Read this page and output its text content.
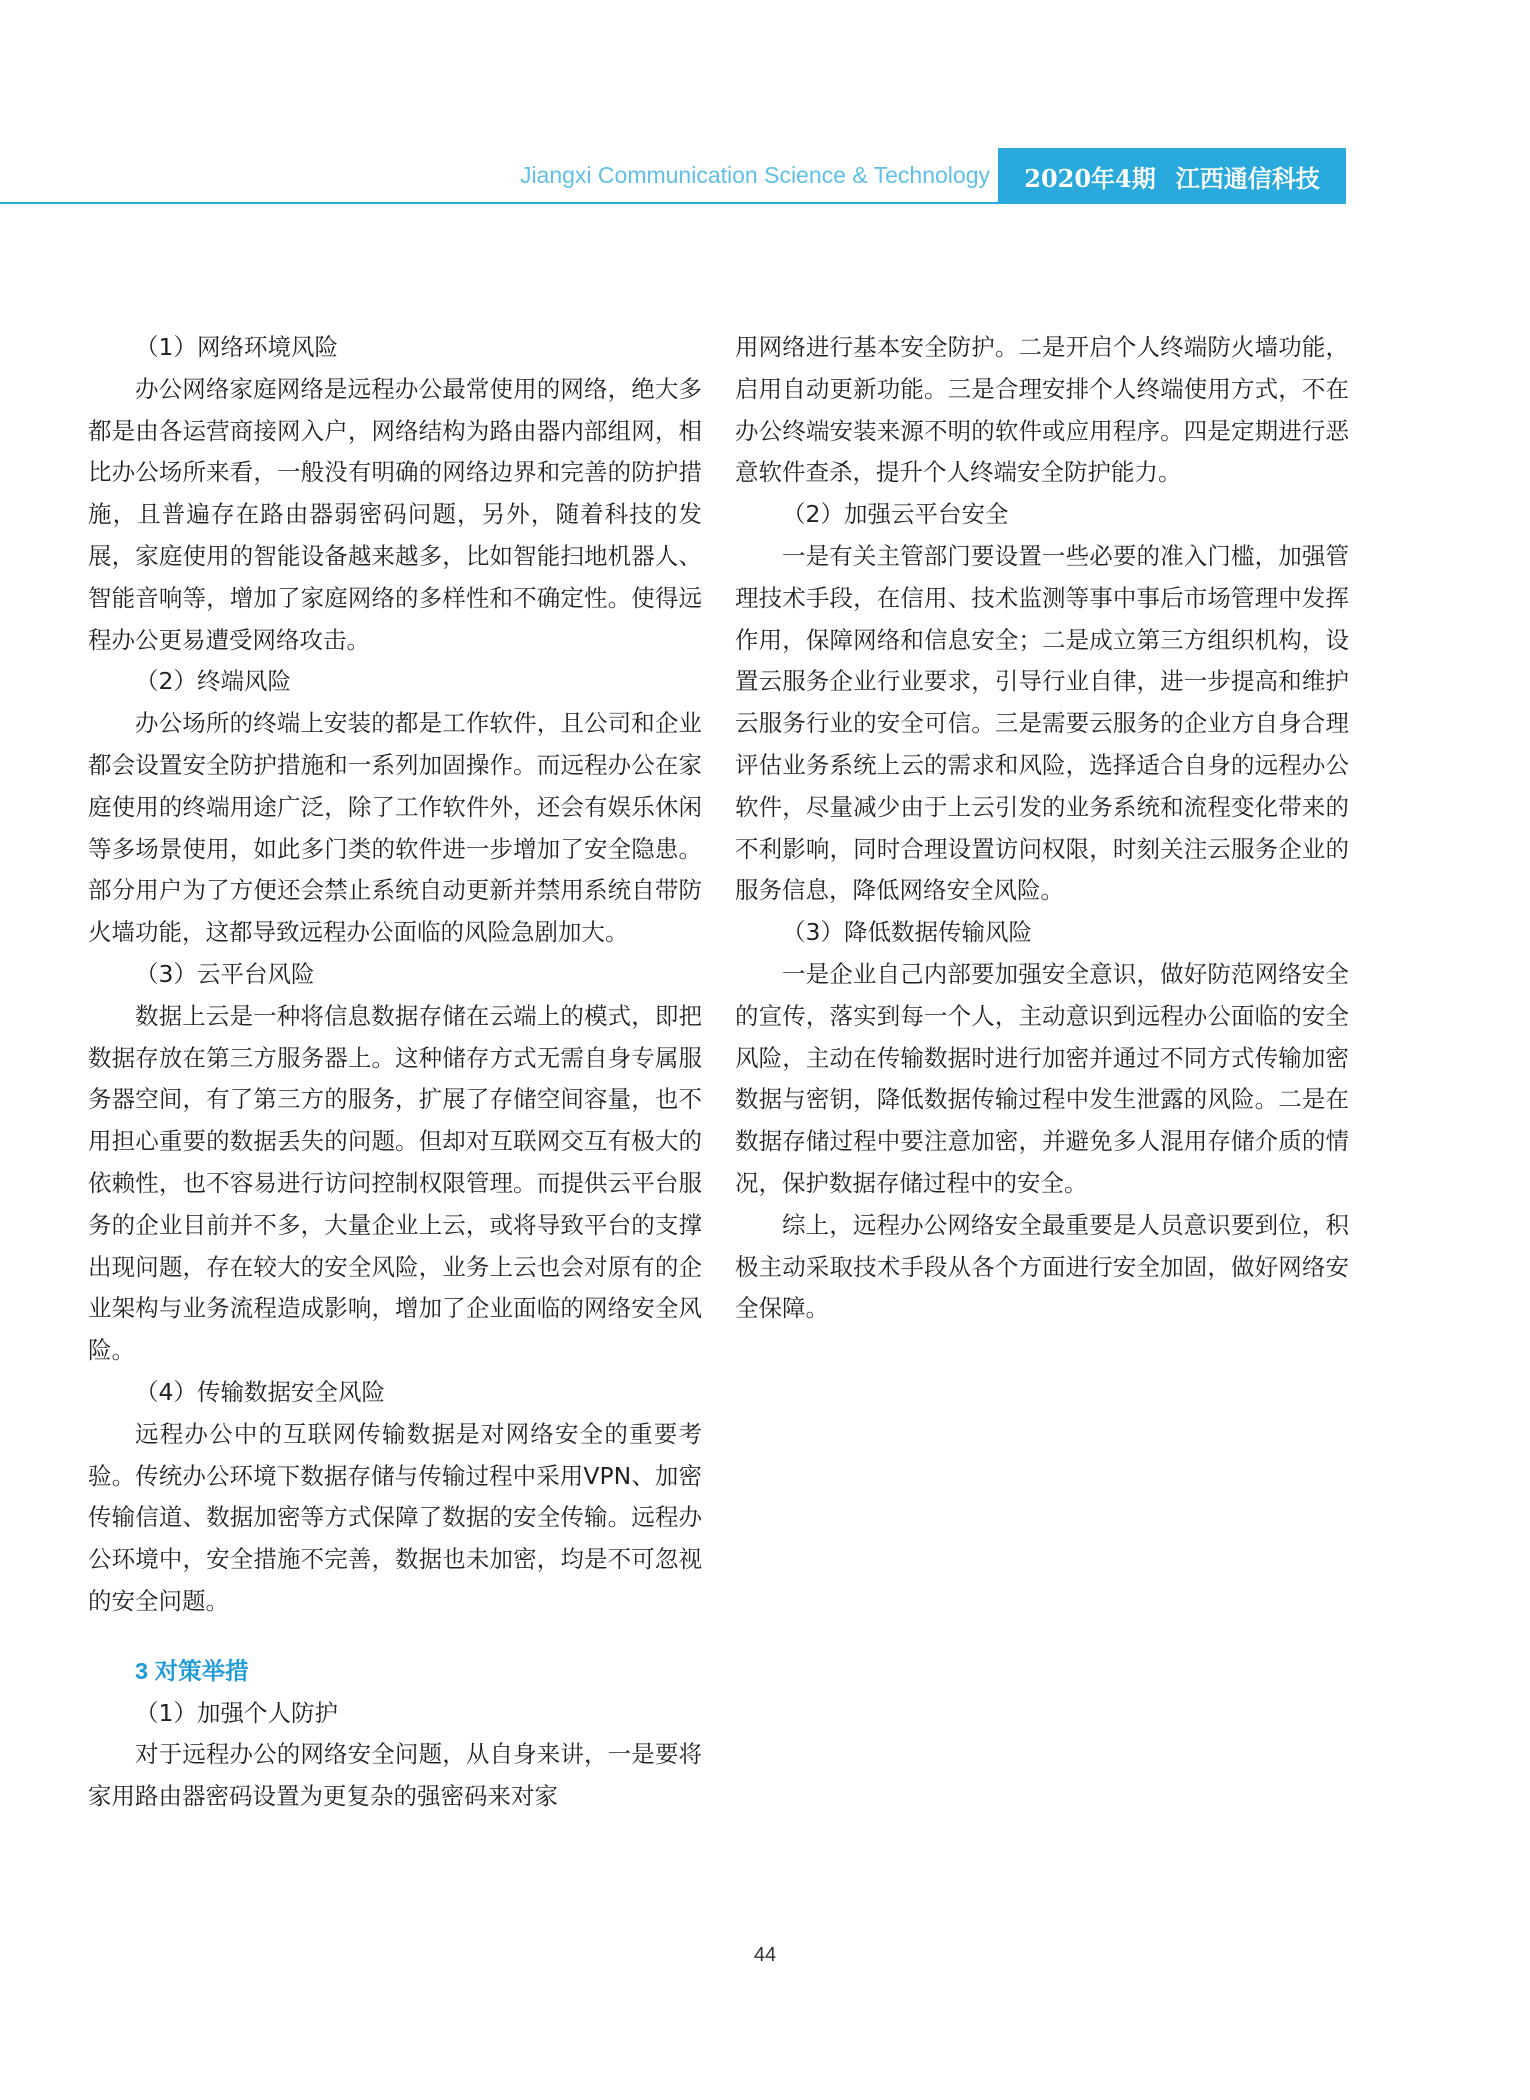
Jiangxi Communication Science & Technology 2020年4期 江西通信科技

（1）网络环境风险

办公网络家庭网络是远程办公最常使用的网络，绝大多都是由各运营商接网入户，网络结构为路由器内部组网，相比办公场所来看，一般没有明确的网络边界和完善的防护措施，且普遍存在路由器弱密码问题，另外，随着科技的发展，家庭使用的智能设备越来越多，比如智能扫地机器人、智能音响等，增加了家庭网络的多样性和不确定性。使得远程办公更易遭受网络攻击。

（2）终端风险

办公场所的终端上安装的都是工作软件，且公司和企业都会设置安全防护措施和一系列加固操作。而远程办公在家庭使用的终端用途广泛，除了工作软件外，还会有娱乐休闲等多场景使用，如此多门类的软件进一步增加了安全隐患。部分用户为了方便还会禁止系统自动更新并禁用系统自带防火墙功能，这都导致远程办公面临的风险急剧加大。

（3）云平台风险

数据上云是一种将信息数据存储在云端上的模式，即把数据存放在第三方服务器上。这种储存方式无需自身专属服务器空间，有了第三方的服务，扩展了存储空间容量，也不用担心重要的数据丢失的问题。但却对互联网交互有极大的依赖性，也不容易进行访问控制权限管理。而提供云平台服务的企业目前并不多，大量企业上云，或将导致平台的支撑出现问题，存在较大的安全风险，业务上云也会对原有的企业架构与业务流程造成影响，增加了企业面临的网络安全风险。

（4）传输数据安全风险

远程办公中的互联网传输数据是对网络安全的重要考验。传统办公环境下数据存储与传输过程中采用VPN、加密传输信道、数据加密等方式保障了数据的安全传输。远程办公环境中，安全措施不完善，数据也未加密，均是不可忽视的安全问题。

3 对策举措

（1）加强个人防护

对于远程办公的网络安全问题，从自身来讲，一是要将家用路由器密码设置为更复杂的强密码来对家

用网络进行基本安全防护。二是开启个人终端防火墙功能，启用自动更新功能。三是合理安排个人终端使用方式，不在办公终端安装来源不明的软件或应用程序。四是定期进行恶意软件查杀，提升个人终端安全防护能力。

（2）加强云平台安全

一是有关主管部门要设置一些必要的准入门槛，加强管理技术手段，在信用、技术监测等事中事后市场管理中发挥作用，保障网络和信息安全；二是成立第三方组织机构，设置云服务企业行业要求，引导行业自律，进一步提高和维护云服务行业的安全可信。三是需要云服务的企业方自身合理评估业务系统上云的需求和风险，选择适合自身的远程办公软件，尽量减少由于上云引发的业务系统和流程变化带来的不利影响，同时合理设置访问权限，时刻关注云服务企业的服务信息，降低网络安全风险。

（3）降低数据传输风险

一是企业自己内部要加强安全意识，做好防范网络安全的宣传，落实到每一个人，主动意识到远程办公面临的安全风险，主动在传输数据时进行加密并通过不同方式传输加密数据与密钥，降低数据传输过程中发生泄露的风险。二是在数据存储过程中要注意加密，并避免多人混用存储介质的情况，保护数据存储过程中的安全。

综上，远程办公网络安全最重要是人员意识要到位，积极主动采取技术手段从各个方面进行安全加固，做好网络安全保障。

44
